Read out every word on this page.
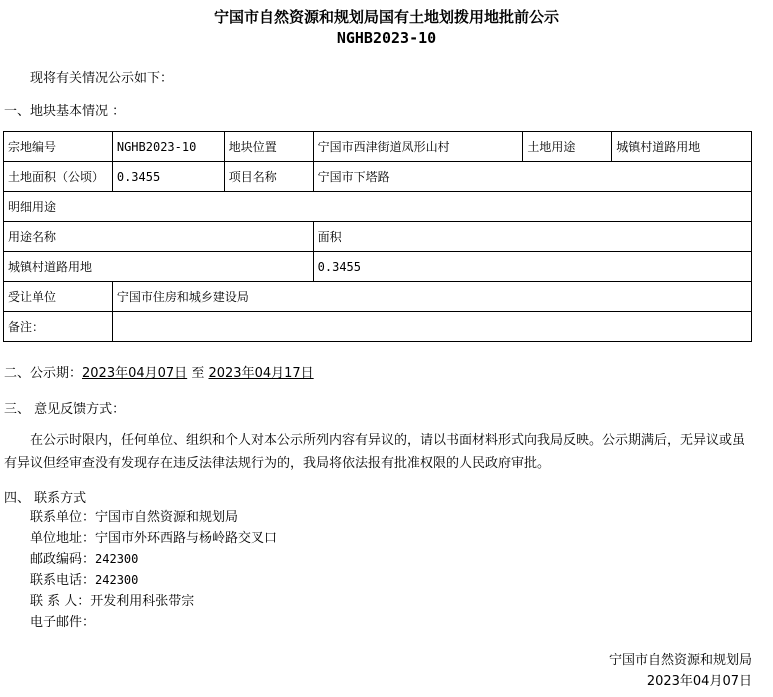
宁国市自然资源和规划局国有土地划拨用地批前公示
NGHB2023-10
现将有关情况公示如下：
一、地块基本情况 ：
宗地编号	NGHB2023-10	地块位置	宁国市西津街道凤形山村	土地用途	城镇村道路用地
土地面积（公顷）	0.3455	项目名称	宁国市下塔路		
明细用途					
用途名称			面积		
城镇村道路用地			0.3455		
受让单位	宁国市住房和城乡建设局				
备注：					
二、公示期：2023年04月07日 至 2023年04月17日
三、 意见反馈方式：
在公示时限内，任何单位、组织和个人对本公示所列内容有异议的，请以书面材料形式向我局反映。公示期满后，无异议或虽有异议但经审查没有发现存在违反法律法规行为的，我局将依法报有批准权限的人民政府审批。
四、 联系方式
联系单位：宁国市自然资源和规划局
单位地址：宁国市外环西路与杨岭路交叉口
邮政编码：242300
联系电话：242300
联 系 人：开发利用科张带宗
电子邮件：
宁国市自然资源和规划局
2023年04月07日
